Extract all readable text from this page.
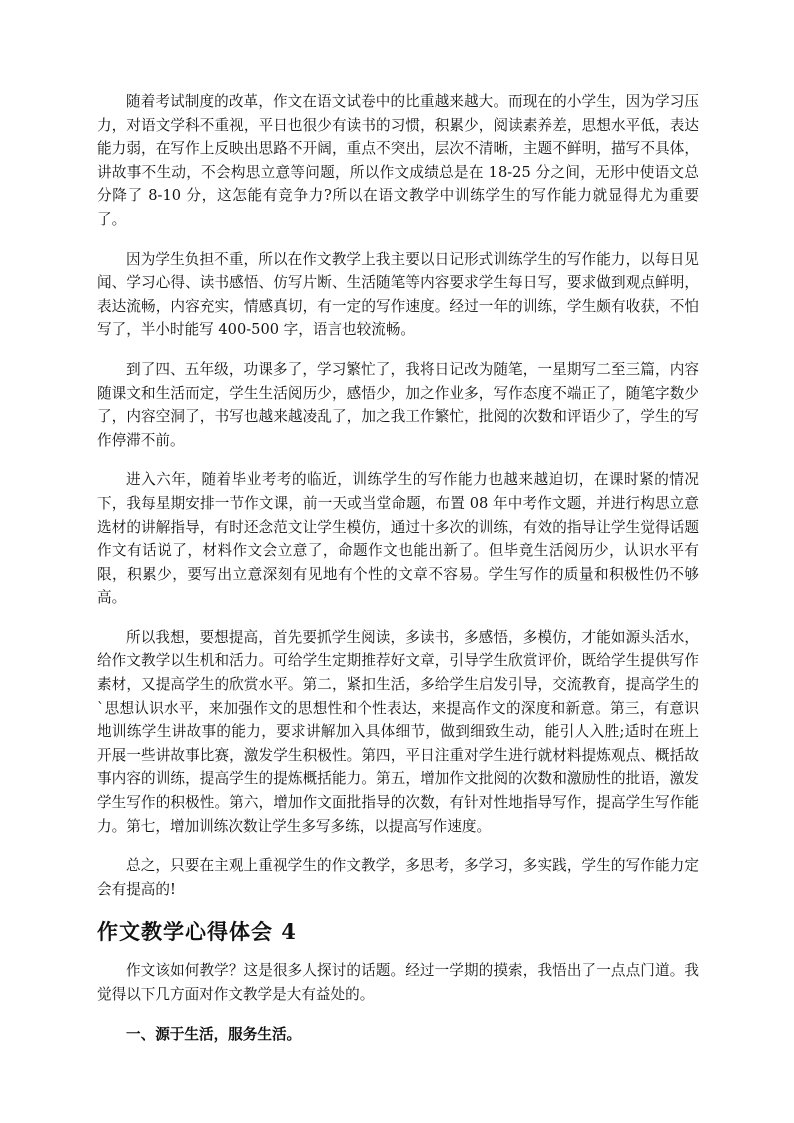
随着考试制度的改革，作文在语文试卷中的比重越来越大。而现在的小学生，因为学习压力，对语文学科不重视，平日也很少有读书的习惯，积累少，阅读素养差，思想水平低，表达能力弱，在写作上反映出思路不开阔，重点不突出，层次不清晰，主题不鲜明，描写不具体，讲故事不生动，不会构思立意等问题，所以作文成绩总是在 18-25 分之间，无形中使语文总分降了 8-10 分，这怎能有竞争力?所以在语文教学中训练学生的写作能力就显得尤为重要了。

因为学生负担不重，所以在作文教学上我主要以日记形式训练学生的写作能力，以每日见闻、学习心得、读书感悟、仿写片断、生活随笔等内容要求学生每日写，要求做到观点鲜明，表达流畅，内容充实，情感真切，有一定的写作速度。经过一年的训练，学生颇有收获，不怕写了，半小时能写 400-500 字，语言也较流畅。

到了四、五年级，功课多了，学习繁忙了，我将日记改为随笔，一星期写二至三篇，内容随课文和生活而定，学生生活阅历少，感悟少，加之作业多，写作态度不端正了，随笔字数少了，内容空洞了，书写也越来越凌乱了，加之我工作繁忙，批阅的次数和评语少了，学生的写作停滞不前。

进入六年，随着毕业考考的临近，训练学生的写作能力也越来越迫切，在课时紧的情况下，我每星期安排一节作文课，前一天或当堂命题，布置 08 年中考作文题，并进行构思立意选材的讲解指导，有时还念范文让学生模仿，通过十多次的训练，有效的指导让学生觉得话题作文有话说了，材料作文会立意了，命题作文也能出新了。但毕竟生活阅历少，认识水平有限，积累少，要写出立意深刻有见地有个性的文章不容易。学生写作的质量和积极性仍不够高。

所以我想，要想提高，首先要抓学生阅读，多读书，多感悟，多模仿，才能如源头活水，给作文教学以生机和活力。可给学生定期推荐好文章，引导学生欣赏评价，既给学生提供写作素材，又提高学生的欣赏水平。第二，紧扣生活，多给学生启发引导，交流教育，提高学生的`思想认识水平，来加强作文的思想性和个性表达，来提高作文的深度和新意。第三，有意识地训练学生讲故事的能力，要求讲解加入具体细节，做到细致生动，能引人入胜;适时在班上开展一些讲故事比赛，激发学生积极性。第四，平日注重对学生进行就材料提炼观点、概括故事内容的训练，提高学生的提炼概括能力。第五，增加作文批阅的次数和激励性的批语，激发学生写作的积极性。第六，增加作文面批指导的次数，有针对性地指导写作，提高学生写作能力。第七，增加训练次数让学生多写多练，以提高写作速度。

总之，只要在主观上重视学生的作文教学，多思考，多学习，多实践，学生的写作能力定会有提高的!

作文教学心得体会 4

作文该如何教学？这是很多人探讨的话题。经过一学期的摸索，我悟出了一点点门道。我觉得以下几方面对作文教学是大有益处的。

一、源于生活，服务生活。
